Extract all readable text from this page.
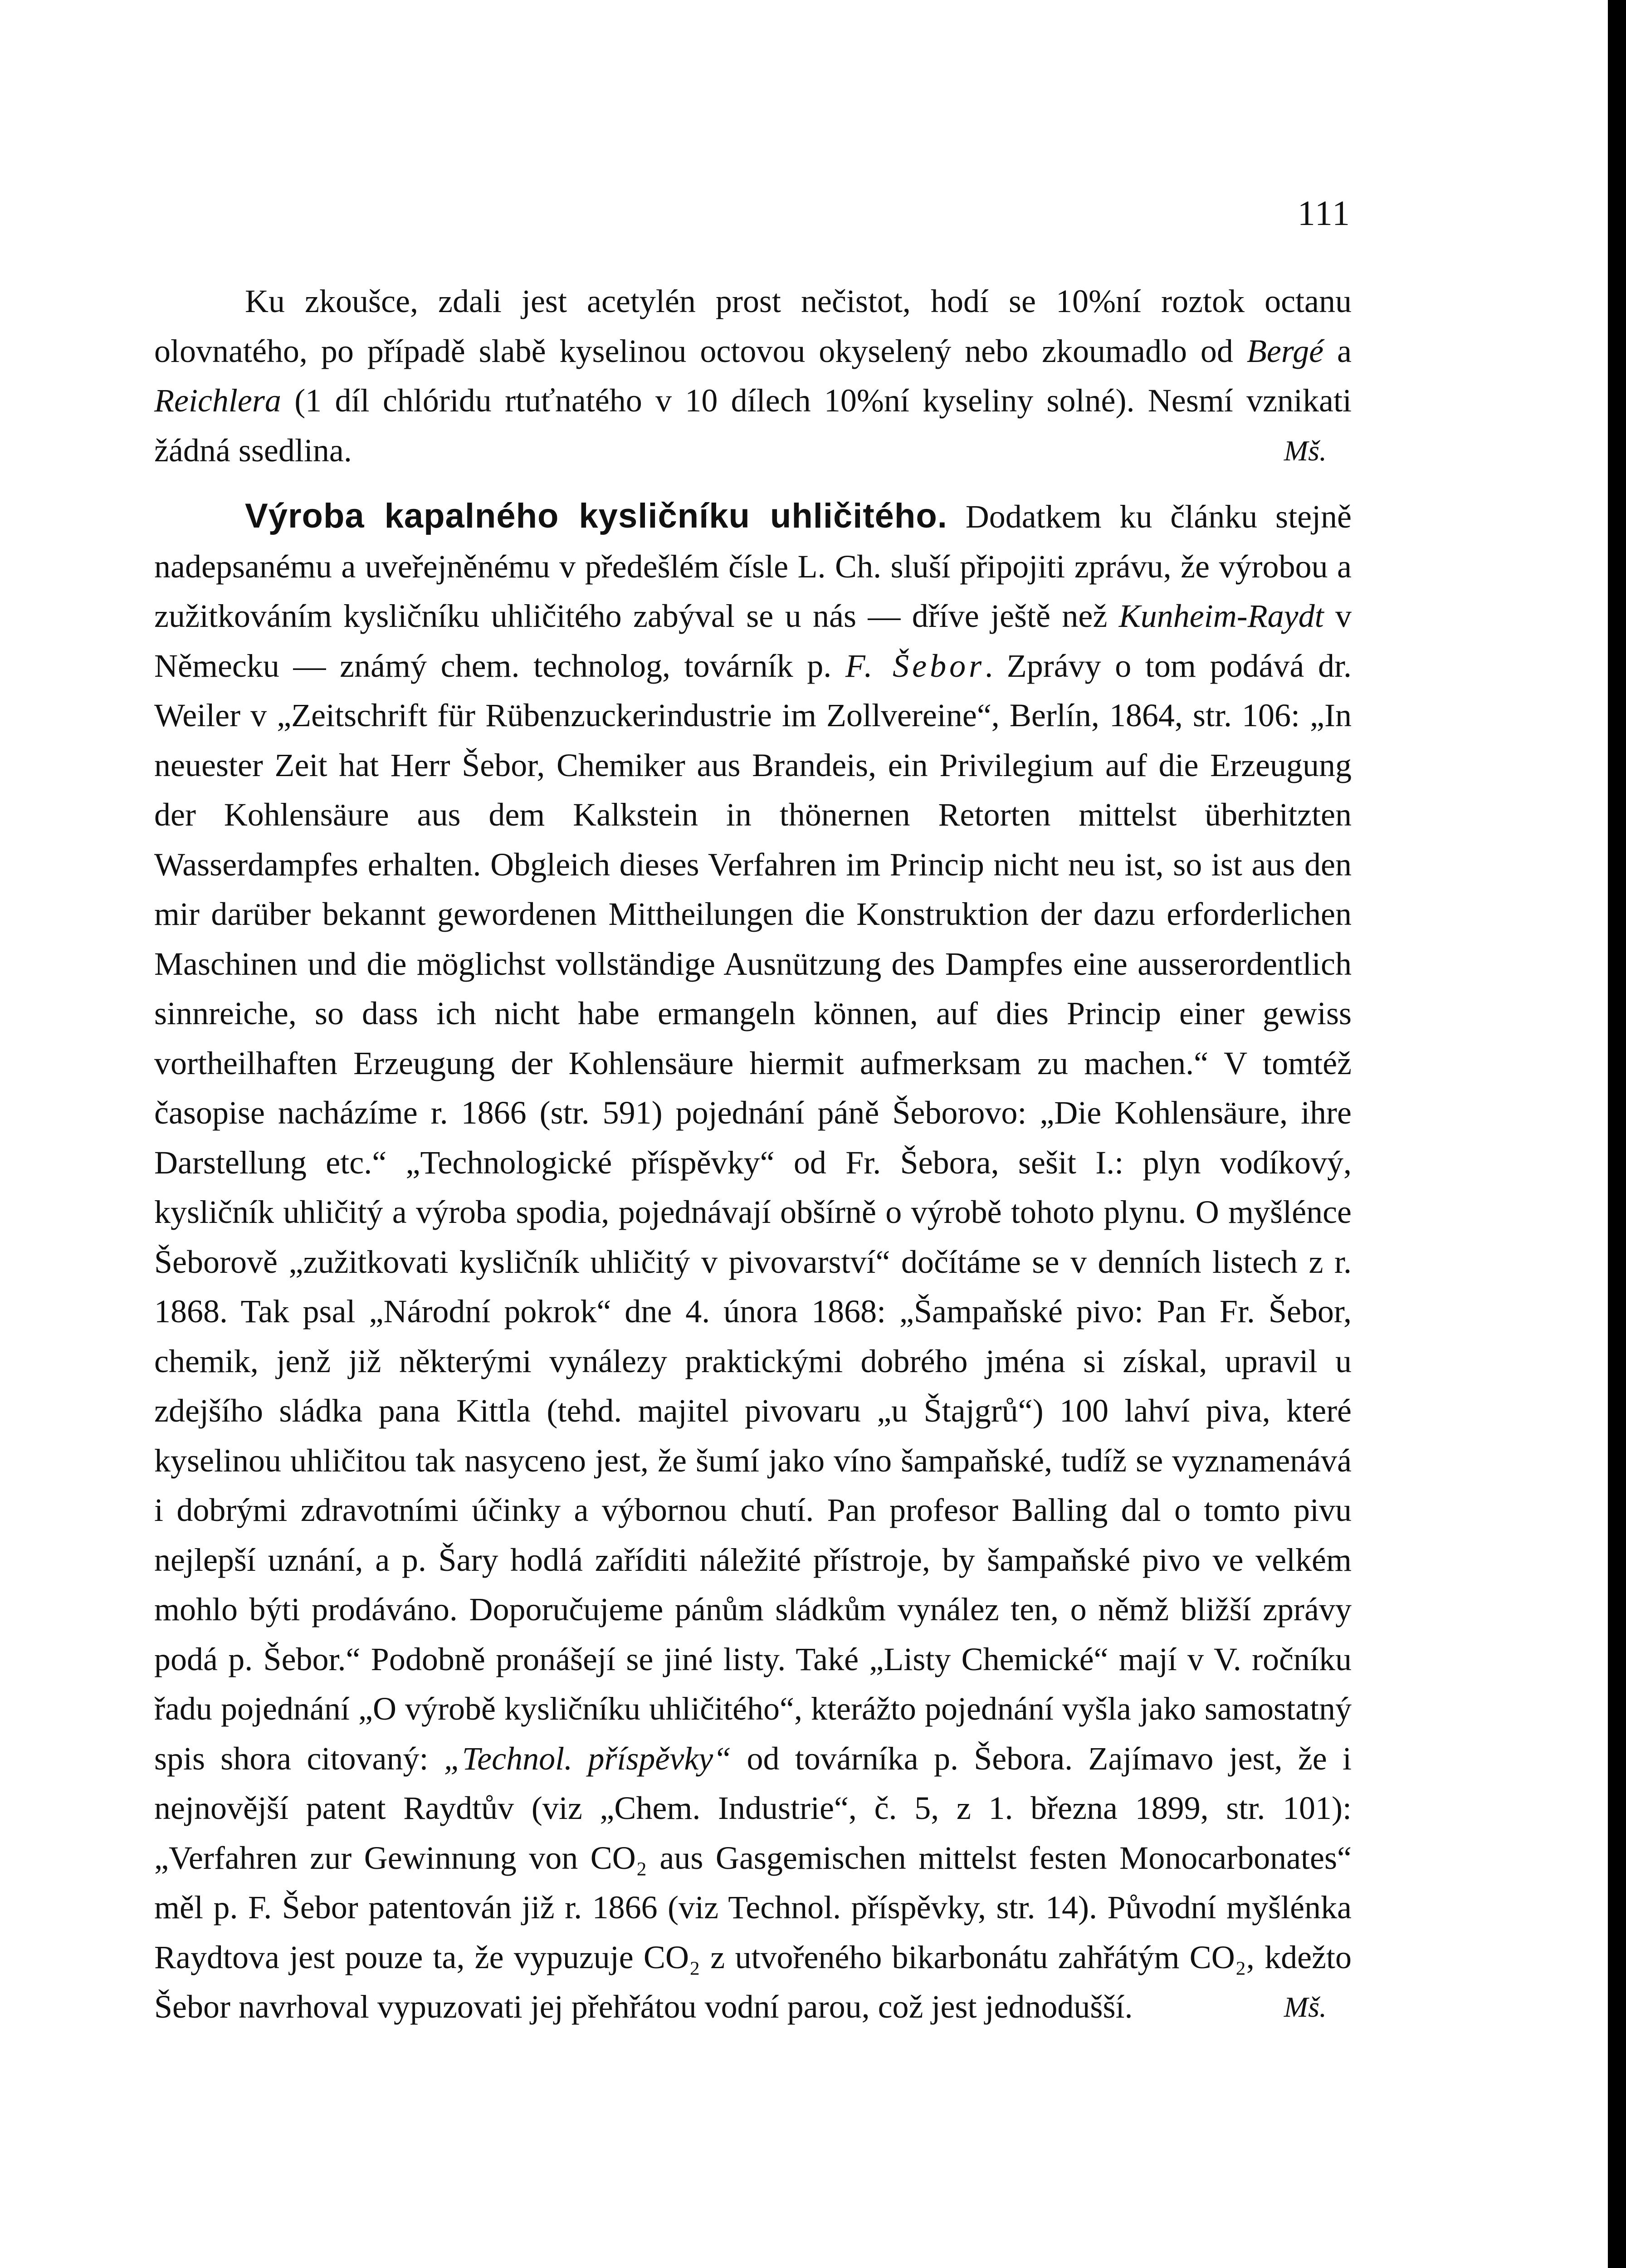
111

Ku zkoušce, zdali jest acetylén prost nečistot, hodí se 10%ní roztok octanu olovnatého, po případě slabě kyselinou octovou okyselený nebo zkoumadlo od Bergé a Reichlera (1 díl chlóridu rtuťnatého v 10 dílech 10%ní kyseliny solné). Nesmí vznikati žádná ssedlina.	Mš.

Výroba kapalného kysličníku uhličitého. Dodatkem ku článku stejně nadepsanému a uveřejněnému v předešlém čísle L. Ch. sluší připojiti zprávu, že výrobou a zužitkováním kysličníku uhličitého zabýval se u nás — dříve ještě než Kunheim-Raydt v Německu — známý chem. technolog, továrník p. F. Šebor. Zprávy o tom podává dr. Weiler v „Zeitschrift für Rübenzuckerindustrie im Zollvereine“, Berlín, 1864, str. 106: „In neuester Zeit hat Herr Šebor, Chemiker aus Brandeis, ein Privilegium auf die Erzeugung der Kohlensäure aus dem Kalkstein in thönernen Retorten mittelst überhitzten Wasserdampfes erhalten. Obgleich dieses Verfahren im Princip nicht neu ist, so ist aus den mir darüber bekannt gewordenen Mittheilungen die Konstruktion der dazu erforderlichen Maschinen und die möglichst vollständige Ausnützung des Dampfes eine ausserordentlich sinnreiche, so dass ich nicht habe ermangeln können, auf dies Princip einer gewiss vortheilhaften Erzeugung der Kohlensäure hiermit aufmerksam zu machen.“ V tomtéž časopise nacházíme r. 1866 (str. 591) pojednání páně Šeborovo: „Die Kohlensäure, ihre Darstellung etc.“ „Technologické příspěvky“ od Fr. Šebora, sešit I.: plyn vodíkový, kysličník uhličitý a výroba spodia, pojednávají obšírně o výrobě tohoto plynu. O myšlénce Šeborově „zužitkovati kysličník uhličitý v pivovarství“ dočítáme se v denních listech z r. 1868. Tak psal „Národní pokrok“ dne 4. února 1868: „Šampaňské pivo: Pan Fr. Šebor, chemik, jenž již některými vynálezy praktickými dobrého jména si získal, upravil u zdejšího sládka pana Kittla (tehd. majitel pivovaru „u Štajgrů“) 100 lahví piva, které kyselinou uhličitou tak nasyceno jest, že šumí jako víno šampaňské, tudíž se vyznamenává i dobrými zdravotními účinky a výbornou chutí. Pan profesor Balling dal o tomto pivu nejlepší uznání, a p. Šary hodlá zaříditi náležité přístroje, by šampaňské pivo ve velkém mohlo býti prodáváno. Doporučujeme pánům sládkům vynález ten, o němž bližší zprávy podá p. Šebor.“ Podobně pronášejí se jiné listy. Také „Listy Chemické“ mají v V. ročníku řadu pojednání „O výrobě kysličníku uhličitého“, kterážto pojednání vyšla jako samostatný spis shora citovaný: „Technol. příspěvky“ od továrníka p. Šebora. Zajímavo jest, že i nejnovější patent Raydtův (viz „Chem. Industrie“, č. 5, z 1. března 1899, str. 101): „Verfahren zur Gewinnung von CO₂ aus Gasgemischen mittelst festen Monocarbonates“ měl p. F. Šebor patentován již r. 1866 (viz Technol. příspěvky, str. 14). Původní myšlénka Raydtova jest pouze ta, že vypuzuje CO₂ z utvořeného bikarbonátu zahřátým CO₂, kdežto Šebor navrhoval vypuzovati jej přehřátou vodní parou, což jest jednodušší.	Mš.
